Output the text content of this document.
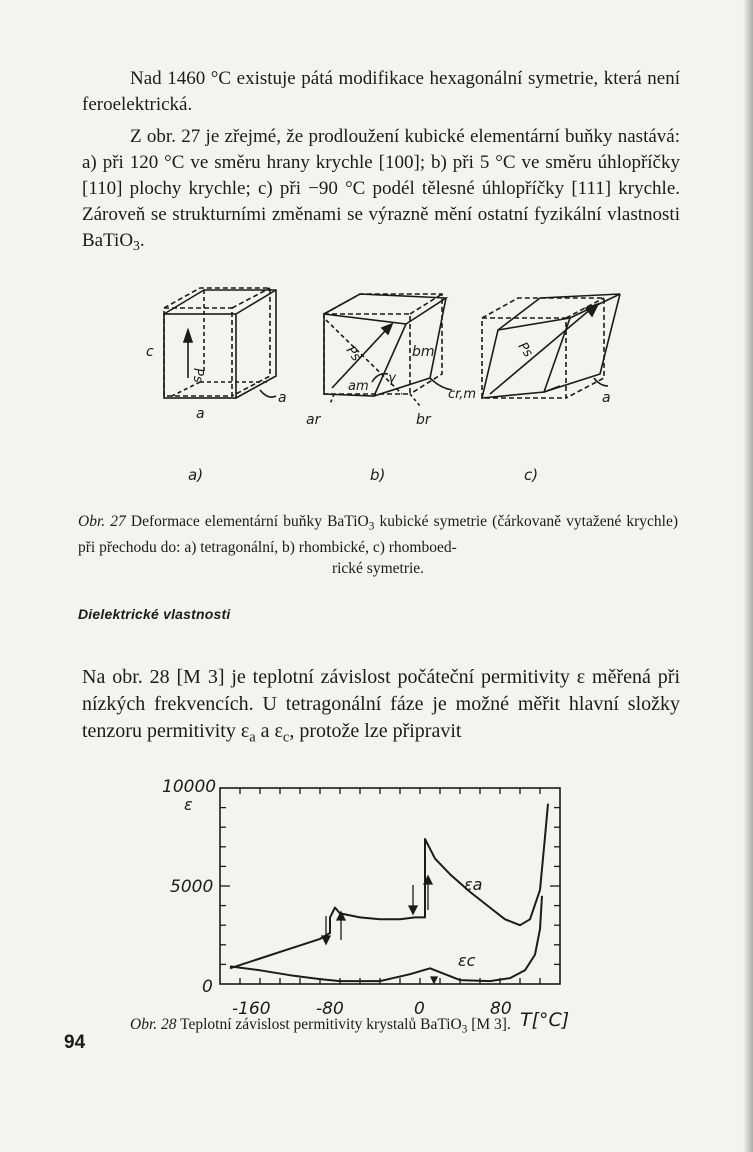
Nad 1460 °C existuje pátá modifikace hexagonální symetrie, která není feroelektrická.

Z obr. 27 je zřejmé, že prodloužení kubické elementární buňky nastává: a) při 120 °C ve směru hrany krychle [100]; b) při 5 °C ve směru úhlopříčky [110] plochy krychle; c) při −90 °C podél tělesné úhlopříčky [111] krychle. Zároveň se strukturními změnami se výrazně mění ostatní fyzikální vlastnosti BaTiO$_3$.

c
Ps
a
a
Ps	bm
am
γ
cr,m
ar	br
Ps
a
a)	b)	c)

Obr. 27 Deformace elementární buňky BaTiO$_3$ kubické symetrie (čárkovaně vytažené krychle) při přechodu do: a) tetragonální, b) rhombické, c) rhomboed-
rické symetrie.

Dielektrické vlastnosti

Na obr. 28 [M 3] je teplotní závislost počáteční permitivity ε měřená při nízkých frekvencích. U tetragonální fáze je možné měřit hlavní složky tenzoru permitivity $\varepsilon_a$ a $\varepsilon_c$, protože lze připravit

10000
ε
5000
0
-160	-80	0	80 T[°C]
εa
εc

Obr. 28 Teplotní závislost permitivity krystalů BaTiO$_3$ [M 3].

94
